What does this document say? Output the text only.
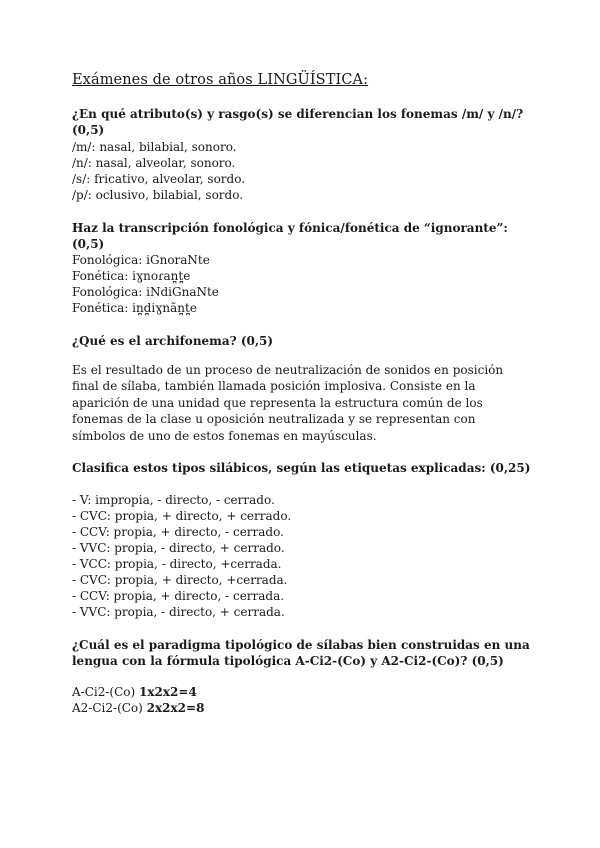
Exámenes de otros años LINGÜÍSTICA:
¿En qué atributo(s) y rasgo(s) se diferencian los fonemas /m/ y /n/? (0,5)
/m/: nasal, bilabial, sonoro.
/n/: nasal, alveolar, sonoro.
/s/: fricativo, alveolar, sordo.
/p/: oclusivo, bilabial, sordo.
Haz la transcripción fonológica y fónica/fonética de “ignorante”: (0,5)
Fonológica: iGnoraNte
Fonética: iɣnoɾan̪t̪e
Fonológica: iNdiGnaNte
Fonética: in̪d̪iɣnãn̪t̪e
¿Qué es el archifonema? (0,5)
Es el resultado de un proceso de neutralización de sonidos en posición final de sílaba, también llamada posición implosiva. Consiste en la aparición de una unidad que representa la estructura común de los fonemas de la clase u oposición neutralizada y se representan con símbolos de uno de estos fonemas en mayúsculas.
Clasifica estos tipos silábicos, según las etiquetas explicadas: (0,25)
- V: impropia, - directo, - cerrado.
- CVC: propia, + directo, + cerrado.
- CCV: propia, + directo, - cerrado.
- VVC: propia, - directo, + cerrado.
- VCC: propia, - directo, +cerrada.
- CVC: propia, + directo, +cerrada.
- CCV: propia, + directo, - cerrada.
- VVC: propia, - directo, + cerrada.
¿Cuál es el paradigma tipológico de sílabas bien construidas en una lengua con la fórmula tipológica A-Ci2-(Co) y A2-Ci2-(Co)? (0,5)
A-Ci2-(Co) 1x2x2=4
A2-Ci2-(Co) 2x2x2=8
